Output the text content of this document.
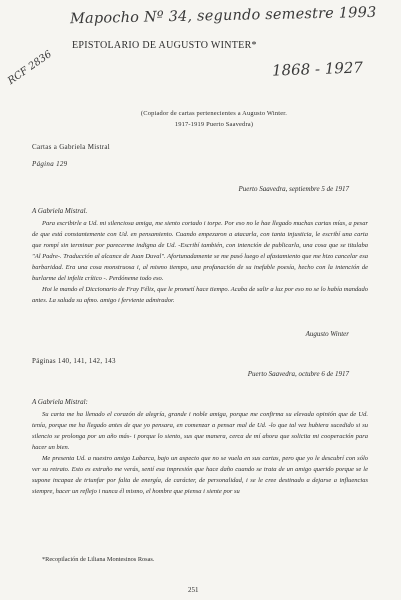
Mapocho Nº 34, segundo semestre 1993
1868 - 1927
RCF 2836
EPISTOLARIO DE AUGUSTO WINTER*
(Copiador de cartas pertenecientes a Augusto Winter.
1917-1919 Puerto Saavedra)
Cartas a Gabriela Mistral
Página 129
Puerto Saavedra, septiembre 5 de 1917
A Gabriela Mistral.

Para escribirle a Ud. mi silenciosa amiga, me siento cortado i torpe. Por eso no le hae llegado muchas cartas mías, a pesar de que está constantemente con Ud. en pensamiento. Cuando empezaron a atacarla, con tanta injusticia, le escribí una carta que rompí sin terminar por parecerme indigna de Ud. -Escribí también, con intención de publicarla, una cosa que se titulaba "Al Padre-. Traducción al alcance de Juan Duval". Afortunadamente se me pasó luego el afastamiento que me hizo cancelar esa barbaridad. Era una cosa monstruosa i, al mismo tiempo, una profanación de su inefable poesía, hecho con la intención de burlarme del infeliz crítico -. Perdóneme todo eso.

Hoi le mando el Diccionario de Fray Félix, que le prometí hace tiempo. Acaba de salir a luz por eso no se lo había mandado antes. La saluda su afmo. amigo i ferviente admirador.

Augusto Winter
Páginas 140, 141, 142, 143
Puerto Saavedra, octubre 6 de 1917
A Gabriela Mistral:

Su carta me ha llenado el corazón de alegría, grande i noble amiga, porque me confirma su elevada opinión que de Ud. tenía, porque me ha llegado antes de que yo pensara, en comenzar a pensar mal de Ud. -lo que tal vez hubiera sucedido si su silencio se prolonga por un año más- i porque lo siento, sus que manera, cerca de mí ahora que solicita mi cooperación para hacer un bien.

Me presenta Ud. a nuestro amigo Labarca, bajo un aspecto que no se vuela en sus cartas, pero que yo le descubrí con sólo ver su retrato. Esto es extraño me verás, sentí esa impresión que hace daño cuando se trata de un amigo querido porque se le supone incapaz de triunfar por falta de energía, de carácter, de personalidad, i se le cree destinado a dejarse a influencias siempre, hacer un reflejo i nunca él mismo, el hombre que piensa i siente por su

*Recopilación de Liliana Montesinos Rosas.
251
